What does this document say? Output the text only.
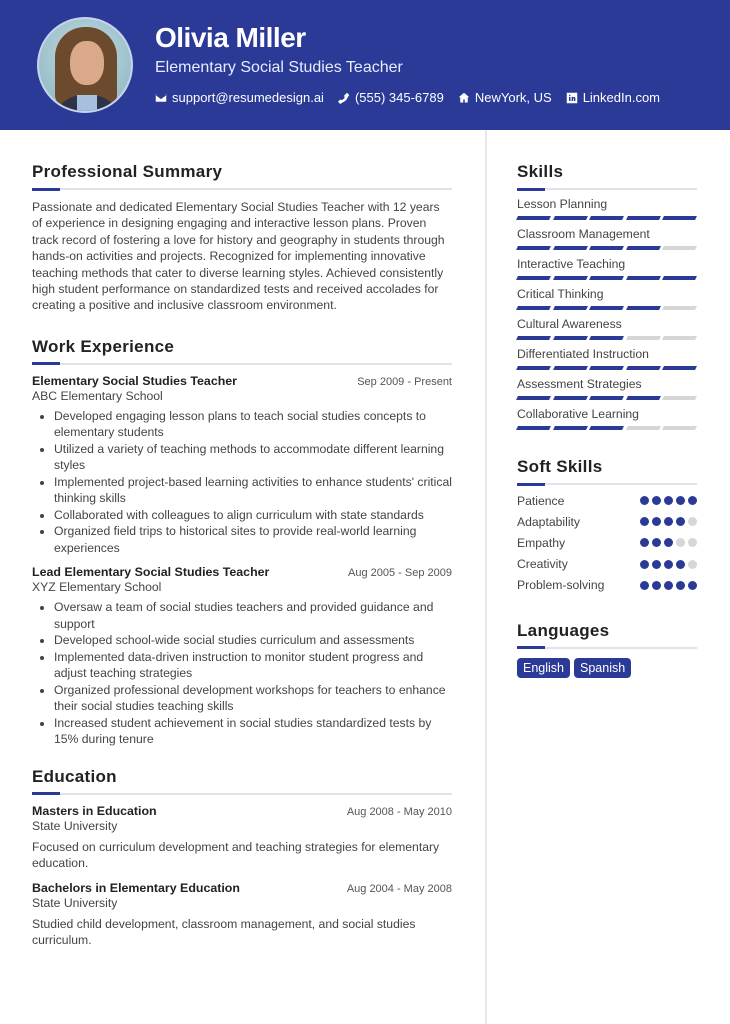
Olivia Miller
Elementary Social Studies Teacher
support@resumedesign.ai (555) 345-6789 NewYork, US LinkedIn.com
Professional Summary

Passionate and dedicated Elementary Social Studies Teacher with 12 years of experience in designing engaging and interactive lesson plans. Proven track record of fostering a love for history and geography in students through hands-on activities and projects. Recognized for implementing innovative teaching methods that cater to diverse learning styles. Achieved consistently high student performance on standardized tests and received accolades for creating a positive and inclusive classroom environment.

Work Experience
Elementary Social Studies Teacher	Sep 2009 - Present
ABC Elementary School
• Developed engaging lesson plans to teach social studies concepts to elementary students
• Utilized a variety of teaching methods to accommodate different learning styles
• Implemented project-based learning activities to enhance students' critical thinking skills
• Collaborated with colleagues to align curriculum with state standards
• Organized field trips to historical sites to provide real-world learning experiences
Lead Elementary Social Studies Teacher	Aug 2005 - Sep 2009
XYZ Elementary School
• Oversaw a team of social studies teachers and provided guidance and support
• Developed school-wide social studies curriculum and assessments
• Implemented data-driven instruction to monitor student progress and adjust teaching strategies
• Organized professional development workshops for teachers to enhance their social studies teaching skills
• Increased student achievement in social studies standardized tests by 15% during tenure
Education
Masters in Education	Aug 2008 - May 2010
State University
Focused on curriculum development and teaching strategies for elementary education.
Bachelors in Elementary Education	Aug 2004 - May 2008
State University
Studied child development, classroom management, and social studies curriculum.
Skills
Lesson Planning
Classroom Management
Interactive Teaching
Critical Thinking
Cultural Awareness
Differentiated Instruction
Assessment Strategies
Collaborative Learning
Soft Skills
Patience
Adaptability
Empathy
Creativity
Problem-solving
Languages
English	Spanish
